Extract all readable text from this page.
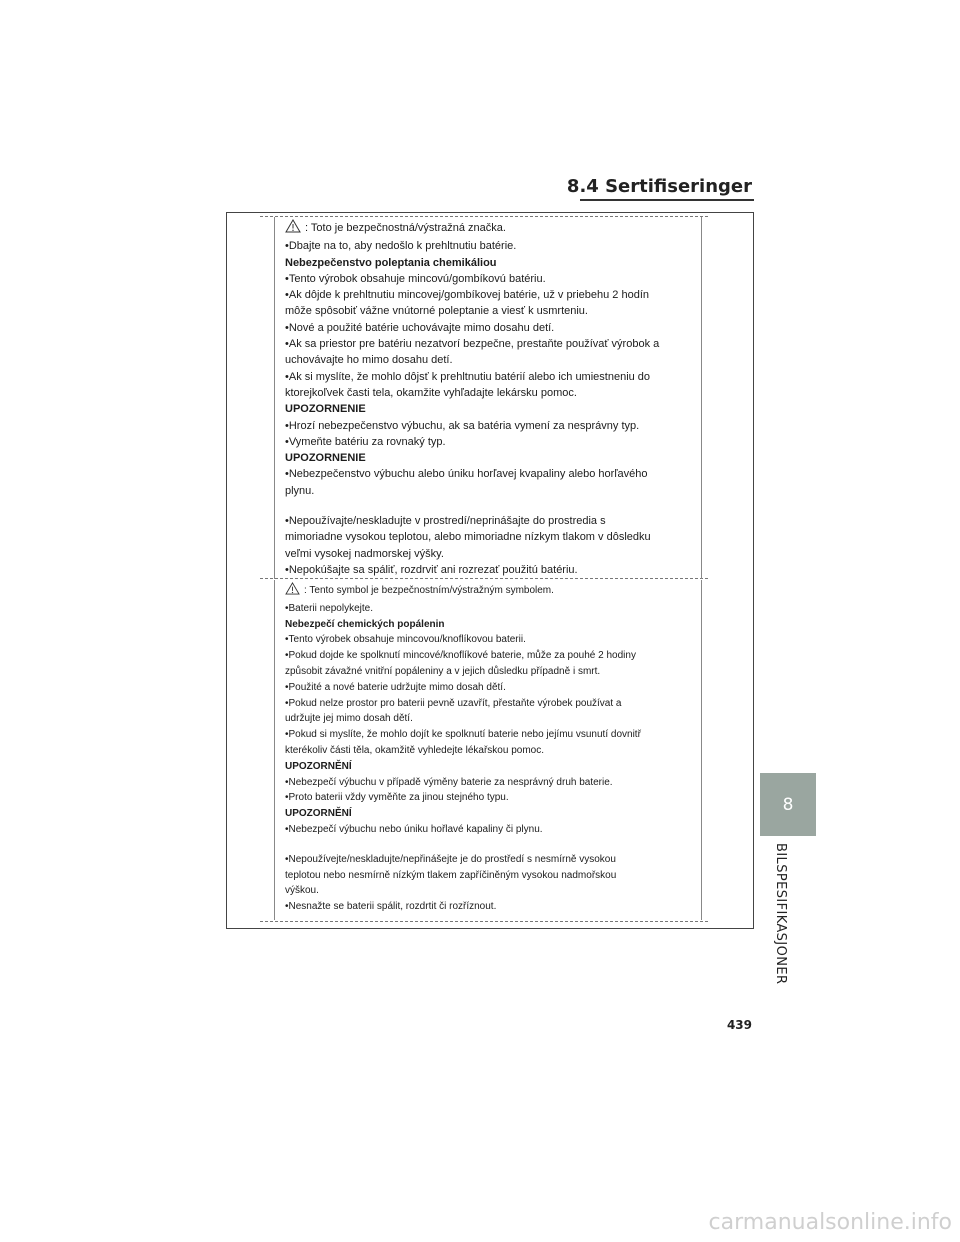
8.4 Sertifiseringer
: Toto je bezpečnostná/výstražná značka.
•Dbajte na to, aby nedošlo k prehltnutiu batérie.
Nebezpečenstvo poleptania chemikáliou
•Tento výrobok obsahuje mincovú/gombíkovú batériu.
•Ak dôjde k prehltnutiu mincovej/gombíkovej batérie, už v priebehu 2 hodín
môže spôsobiť vážne vnútorné poleptanie a viesť k usmrteniu.
•Nové a použité batérie uchovávajte mimo dosahu detí.
•Ak sa priestor pre batériu nezatvorí bezpečne, prestaňte používať výrobok a
uchovávajte ho mimo dosahu detí.
•Ak si myslíte, že mohlo dôjsť k prehltnutiu batérií alebo ich umiestneniu do
ktorejkoľvek časti tela, okamžite vyhľadajte lekársku pomoc.
UPOZORNENIE
•Hrozí nebezpečenstvo výbuchu, ak sa batéria vymení za nesprávny typ.
•Vymeňte batériu za rovnaký typ.
UPOZORNENIE
•Nebezpečenstvo výbuchu alebo úniku horľavej kvapaliny alebo horľavého
plynu.
•Nepoužívajte/neskladujte v prostredí/neprinášajte do prostredia s
mimoriadne vysokou teplotou, alebo mimoriadne nízkym tlakom v dôsledku
veľmi vysokej nadmorskej výšky.
•Nepokúšajte sa spáliť, rozdrviť ani rozrezať použitú batériu.
: Tento symbol je bezpečnostním/výstražným symbolem.
•Baterii nepolykejte.
Nebezpečí chemických popálenin
•Tento výrobek obsahuje mincovou/knoflíkovou baterii.
•Pokud dojde ke spolknutí mincové/knoflíkové baterie, může za pouhé 2 hodiny
způsobit závažné vnitřní popáleniny a v jejich důsledku případně i smrt.
•Použité a nové baterie udržujte mimo dosah dětí.
•Pokud nelze prostor pro baterii pevně uzavřít, přestaňte výrobek používat a
udržujte jej mimo dosah dětí.
•Pokud si myslíte, že mohlo dojít ke spolknutí baterie nebo jejímu vsunutí dovnitř
kterékoliv části těla, okamžitě vyhledejte lékařskou pomoc.
UPOZORNĚNÍ
•Nebezpečí výbuchu v případě výměny baterie za nesprávný druh baterie.
•Proto baterii vždy vyměňte za jinou stejného typu.
UPOZORNĚNÍ
•Nebezpečí výbuchu nebo úniku hořlavé kapaliny či plynu.
•Nepoužívejte/neskladujte/nepřinášejte je do prostředí s nesmírně vysokou
teplotou nebo nesmírně nízkým tlakem zapříčiněným vysokou nadmořskou
výškou.
•Nesnažte se baterii spálit, rozdrtit či rozříznout.
8
BILSPESIFIKASJONER
439
carmanualsonline.info
